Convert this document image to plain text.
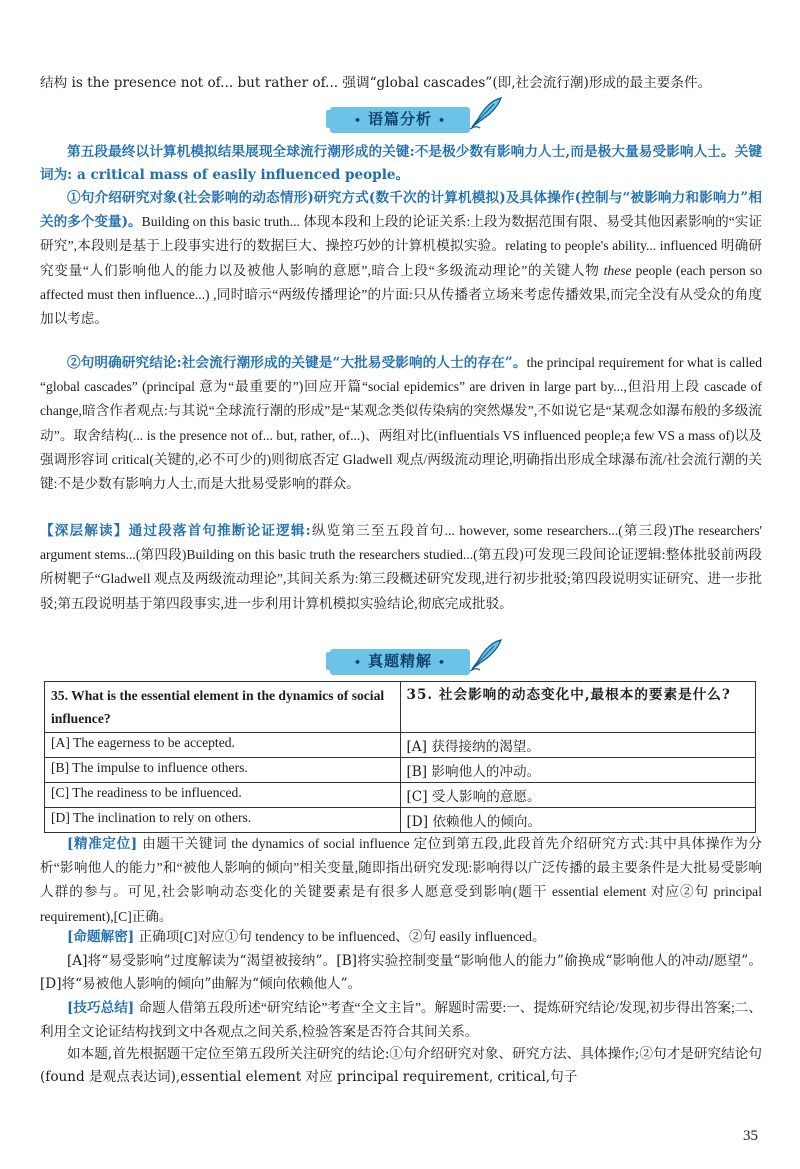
结构 is the presence not of... but rather of... 强调“global cascades”(即,社会流行潮)形成的最主要条件。

• 语篇分析 •

第五段最终以计算机模拟结果展现全球流行潮形成的关键:不是极少数有影响力人士,而是极大量易受影响人士。关键词为: a critical mass of easily influenced people。

①句介绍研究对象(社会影响的动态情形)研究方式(数千次的计算机模拟)及具体操作(控制与“被影响力和影响力”相关的多个变量)。Building on this basic truth... 体现本段和上段的论证关系:上段为数据范围有限、易受其他因素影响的“实证研究”,本段则是基于上段事实进行的数据巨大、操控巧妙的计算机模拟实验。relating to people's ability... influenced 明确研究变量“人们影响他人的能力以及被他人影响的意愿”,暗合上段“多级流动理论”的关键人物 these people (each person so affected must then influence...) ,同时暗示“两级传播理论”的片面:只从传播者立场来考虑传播效果,而完全没有从受众的角度加以考虑。

②句明确研究结论:社会流行潮形成的关键是“大批易受影响的人士的存在”。the principal requirement for what is called “global cascades” (principal 意为“最重要的”)回应开篇“social epidemics” are driven in large part by...,但沿用上段 cascade of change,暗含作者观点:与其说“全球流行潮的形成”是“某观念类似传染病的突然爆发”,不如说它是“某观念如瀑布般的多级流动”。取舍结构(... is the presence not of... but, rather, of...)、两组对比(influentials VS influenced people;a few VS a mass of)以及强调形容词 critical(关键的,必不可少的)则彻底否定 Gladwell 观点/两级流动理论,明确指出形成全球瀑布流/社会流行潮的关键:不是少数有影响力人士,而是大批易受影响的群众。

【深层解读】通过段落首句推断论证逻辑:纵览第三至五段首句... however, some researchers...(第三段)The researchers' argument stems...(第四段)Building on this basic truth the researchers studied...(第五段)可发现三段间论证逻辑:整体批驳前两段所树靶子“Gladwell 观点及两级流动理论”,其间关系为:第三段概述研究发现,进行初步批驳;第四段说明实证研究、进一步批驳;第五段说明基于第四段事实,进一步利用计算机模拟实验结论,彻底完成批驳。

• 真题精解 •
35. What is the essential element in the dynamics of social influence?	35. 社会影响的动态变化中,最根本的要素是什么?
[A] The eagerness to be accepted.	[A] 获得接纳的渴望。
[B] The impulse to influence others.	[B] 影响他人的冲动。
[C] The readiness to be influenced.	[C] 受人影响的意愿。
[D] The inclination to rely on others.	[D] 依赖他人的倾向。

[精准定位] 由题干关键词 the dynamics of social influence 定位到第五段,此段首先介绍研究方式:其中具体操作为分析“影响他人的能力”和“被他人影响的倾向”相关变量,随即指出研究发现:影响得以广泛传播的最主要条件是大批易受影响人群的参与。可见,社会影响动态变化的关键要素是有很多人愿意受到影响(题干 essential element 对应②句 principal requirement),[C]正确。

[命题解密] 正确项[C]对应①句 tendency to be influenced、②句 easily influenced。

[A]将“易受影响”过度解读为“渴望被接纳”。[B]将实验控制变量“影响他人的能力”偷换成“影响他人的冲动/愿望”。[D]将“易被他人影响的倾向”曲解为“倾向依赖他人”。

[技巧总结] 命题人借第五段所述“研究结论”考查“全文主旨”。解题时需要:一、提炼研究结论/发现,初步得出答案;二、利用全文论证结构找到文中各观点之间关系,检验答案是否符合其间关系。

如本题,首先根据题干定位至第五段所关注研究的结论:①句介绍研究对象、研究方法、具体操作;②句才是研究结论句(found 是观点表达词),essential element 对应 principal requirement, critical,句子

35
